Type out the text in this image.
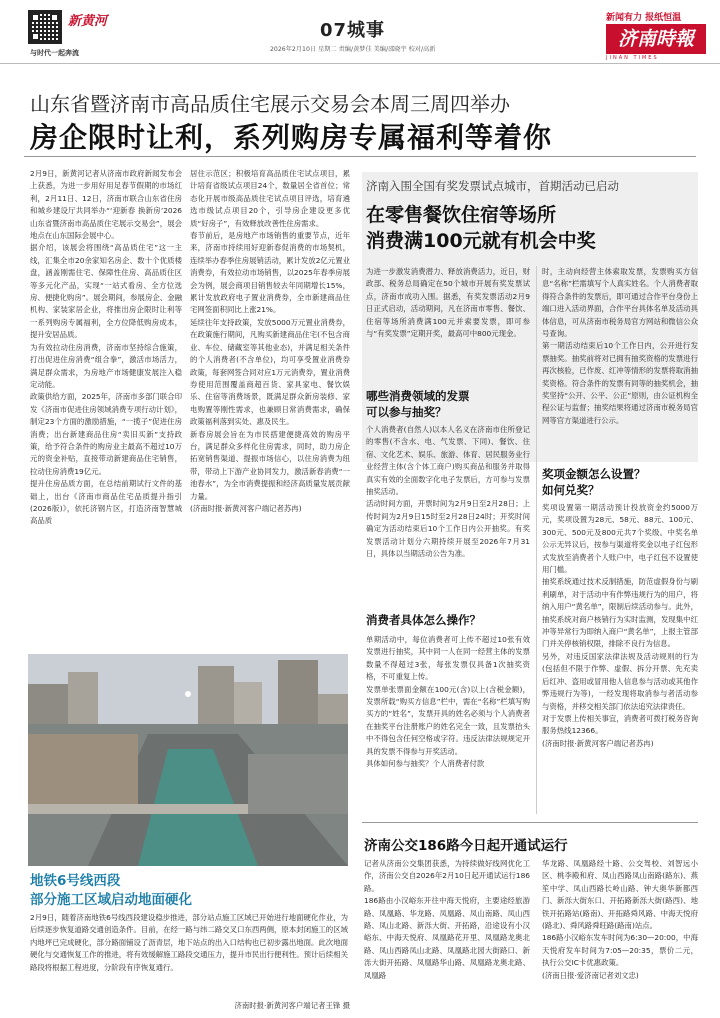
新黄河
与时代一起奔流
07城事
2026年2月10日 星期二 责编/黄梦佳 美编/邵晓宇 校对/高新
新闻有力 报纸恒温
济南時報
JINAN TIMES
山东省暨济南市高品质住宅展示交易会本周三周四举办
房企限时让利，系列购房专属福利等着你
2月9日，新黄河记者从济南市政府新闻发布会上获悉，为进一步用好用足春节假期的市场红利，2月11日、12日，济南市联合山东省住房和城乡建设厅共同举办“‘迎新春 换新房’2026山东省暨济南市高品质住宅展示交易会”，展会地点在山东国际会展中心。
据介绍，该展会将围绕“高品质住宅”这一主线，汇集全市20余家知名房企、数十个优质楼盘，涵盖刚需住宅、保障性住房、高品质住区等多元化产品，实现“一站式看房、全方位选房、便捷化购房”。展会期间，参展房企、金融机构、家装家居企业，将推出房企限时让利等一系列购房专属福利，全方位降低购房成本，提升安居品质。
为有效拉动住房消费，济南市坚持综合施策，打出促进住房消费“组合拳”，激活市场活力，满足群众需求，为房地产市场健康发展注入稳定动能。
政策供给方面，2025年，济南市多部门联合印发《济南市促进住房领域消费专项行动计划》，制定23个方面的激励措施，“一揽子”促进住房消费；出台新建商品住房“卖旧买新”支持政策，给予符合条件的购房业主最高不超过10万元的资金补贴，直接带动新建商品住宅销售，拉动住房消费19亿元。
提升住房品质方面，在总结前期试行文件的基础上，出台《济南市商品住宅品质提升指引(2026版)》，依托济钢片区，打造济南智慧城高品质
居住示范区；积极培育高品质住宅试点项目，累计培育省级试点项目24个，数量居全省首位；常态化开展市级高品质住宅试点项目评选，培育遴选市级试点项目20个，引导房企建设更多优质“好房子”，有效释放改善性住房需求。
春节前后，是房地产市场销售的重要节点，近年来，济南市持续用好迎新春促消费的市场契机，连续举办春季住房展销活动，累计发放2亿元置业消费券，有效拉动市场销售，以2025年春季房展会为例，展会商项目销售较去年同期增长15%，累计发放政府电子置业消费券，全市新建商品住宅网签面积同比上涨21%。
延续往年支持政策，发放5000万元置业消费券，在政策施行期间，凡购买新建商品住宅(不包含商业、车位、储藏室等其他业态)，并满足相关条件的个人消费者(不含单位)，均可享受置业消费券政策，每套网签合同对应1万元消费券，置业消费券使用范围覆盖商超百货、家具家电、餐饮娱乐、住宿等消费场景，既满足群众新房装修、家电购置等刚性需求，也兼顾日常消费需求，确保政策福利落到实处、惠及民生。
新春房展会旨在为市民搭建便捷高效的购房平台，满足群众多样化住房需求，同时，助力房企拓宽销售渠道、提振市场信心，以住房消费为纽带，带动上下游产业协同发力，激活新春消费“一池春水”，为全市消费提振和经济高质量发展贡献力量。
(济南时报·新黄河客户端记者苏冉)
济南入围全国有奖发票试点城市，首期活动已启动
在零售餐饮住宿等场所
消费满100元就有机会中奖
为进一步激发消费潜力、释放消费活力，近日，财政部、税务总局确定在50个城市开展有奖发票试点，济南市成功入围。据悉，有奖发票活动2月9日正式启动，活动期间，凡在济南市零售、餐饮、住宿等场所消费满100元并索要发票，即可参与“有奖发票”定期开奖，最高可中800元现金。
哪些消费领域的发票
可以参与抽奖？
个人消费者(自然人)以本人名义在济南市住所登记的零售(不含水、电、气发票、下同)、餐饮、住宿、文化艺术、娱乐、旅游、体育、居民服务业行业经营主体(含个体工商户)购买商品和服务并取得真实有效的全面数字化电子发票后，方可参与发票抽奖活动。
活动时间方面，开票时间为2月9日至2月28日；上传时间为2月9日15时至2月28日24时；开奖时间确定为活动结束后10个工作日内公开抽奖。有奖发票活动计划分六期持续开展至2026年7月31日，具体以当期活动公告为准。
消费者具体怎么操作？
单期活动中，每位消费者可上传不超过10张有效发票进行抽奖，其中同一人在同一经营主体的发票数量不得超过3张，每张发票仅具备1次抽奖资格，不可重复上传。
发票单张票面金额在100元(含)以上(含税金额)，发票所载“购买方信息”栏中，需在“名称”栏填写购买方的“姓名”，发票开具的姓名必须与个人消费者在抽奖平台注册账户的姓名完全一致，且发票抬头中不得包含任何空格或字符。违反法律法规规定开具的发票不得参与开奖活动。
具体如何参与抽奖？个人消费者付款
时，主动向经营主体索取发票，发票购买方信息“名称”栏需填写个人真实姓名。个人消费者取得符合条件的发票后，即可通过合作平台身份上端口进入活动界面，合作平台具体名单及活动具体信息，可从济南市税务局官方网站和微信公众号查询。
第一期活动结束后10个工作日内，公开进行发票抽奖。抽奖前将对已拥有抽奖资格的发票进行再次核验，已作废、红冲等情形的发票将取消抽奖资格。符合条件的发票有同等的抽奖机会，抽奖坚持“公开、公平、公正”原则，由公证机构全程公证与监督；抽奖结果将通过济南市税务局官网等官方渠道进行公示。
奖项金额怎么设置？
如何兑奖？
奖项设置第一期活动预计投放资金约5000万元，奖项设置为28元、58元、88元、100元、300元、500元及800元共7个奖级。中奖名单公示无异议后，按参与渠道将奖金以电子红包形式发放至消费者个人账户中，电子红包不设置使用门槛。
抽奖系统通过技术反制措施，防范虚假身份与刷利刷单，对于活动中有作弊违规行为的用户，将纳入用户“黄名单”，限制后续活动参与。此外，抽奖系统对商户核销行为实时监测，发现集中红冲等异常行为即纳入商户“黄名单”，上报主管部门并关停核销权限，排除不良行为信息。
另外，对违反国家法律法规及活动规则的行为(包括但不限于作弊、虚假、拆分开票、先充卖后红冲、盗用或冒用他人信息参与活动或其他作弊违规行为等)，一经发现将取消参与者活动参与资格，并移交相关部门依法追究法律责任。
对于发票上传相关事宜，消费者可拨打税务咨询服务热线12366。
(济南时报·新黄河客户端记者苏冉)
地铁6号线西段
部分施工区域启动地面硬化
2月9日，随着济南地铁6号线西段建设稳步推进，部分站点施工区域已开始进行地面硬化作业，为后续逐步恢复道路交通创造条件。目前，在经一路与纬二路交叉口东西两侧，原本封闭施工的区域内地坪已完成硬化，部分路面铺设了沥青层，地下站点的出入口结构也已初步露出地面。此次地面硬化与交通恢复工作的推进，将有效缓解施工路段交通压力，提升市民出行便利性。预计后续相关路段将根据工程进度，分阶段有序恢复通行。
济南时报·新黄河客户端记者王锋 摄
济南公交186路今日起开通试运行
记者从济南公交集团获悉，为持续做好线网优化工作，济南公交自2026年2月10日起开通试运行186路。
186路由小汉峪东开往中海天悦府，主要途经旅游路、凤凰路、华龙路、凤凰路、凤山南路、凤山西路、凤山北路、新泺大街、开拓路，沿途设有小汉峪东、中海天悦府、凤凰路花开里、凤凰路龙奥北路、凤山西路凤山北路、凤凰路北园大街路口、新泺大街开拓路、凤凰路华山路、凤凰路龙奥北路、凤凰路
华龙路、凤凰路经十路、公交驾校、刘智远小区、桃李殿和府、凤山西路凤山南路(路东)、燕笙中学、凤山西路长岭山路、钟大奥华新都西门、新泺大街东口、开拓路新泺大街(路西)、地铁开拓路站(路南)、开拓路舜风路、中海天悦府(路北)、舜风路舜旺路(路南)站点。
186路小汉峪东发车时间为6:30—20:00，中海天悦府发车时间为7:05—20:35，票价二元，执行公交IC卡优惠政策。
(济南日报·爱济南记者刘文忠)
